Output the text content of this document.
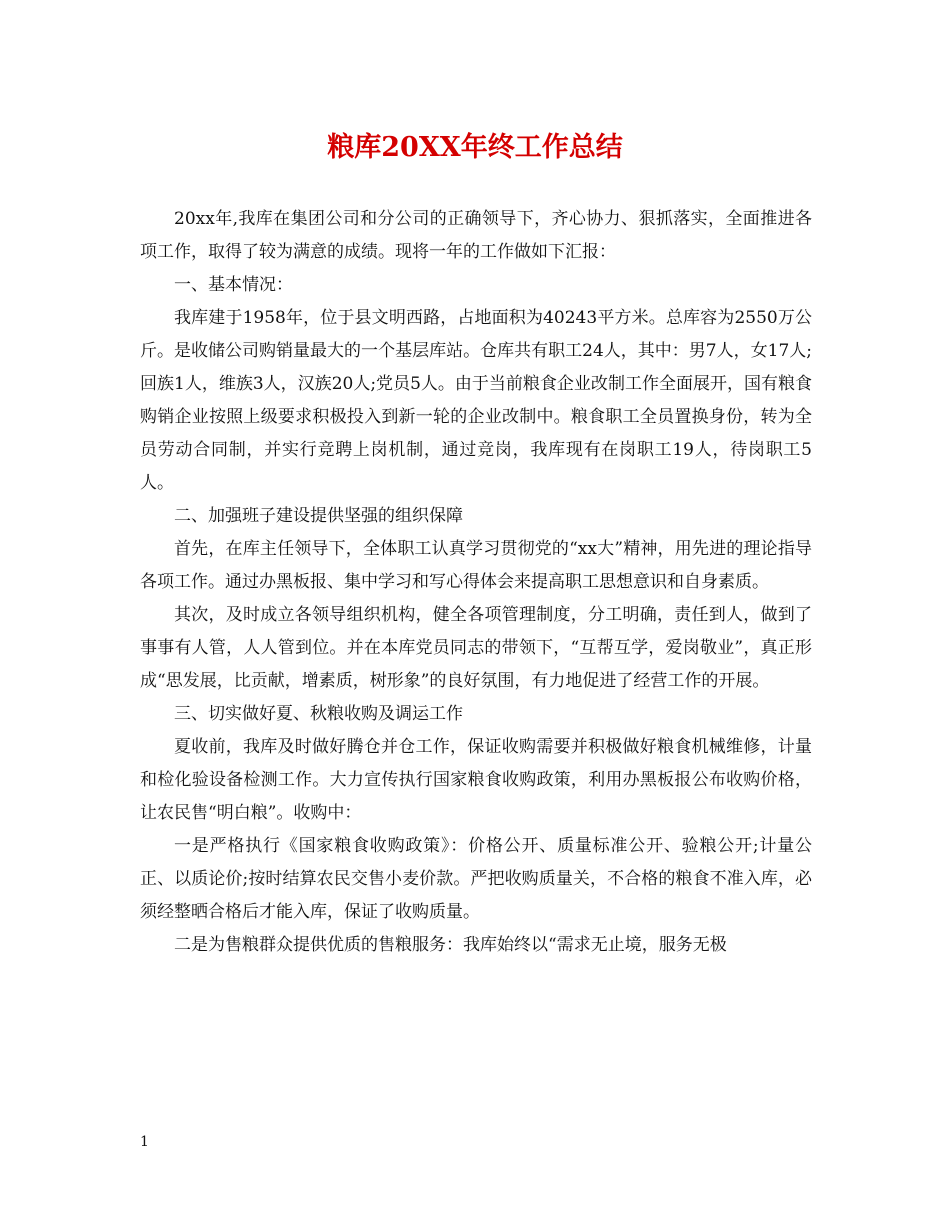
粮库20XX年终工作总结

20xx年,我库在集团公司和分公司的正确领导下，齐心协力、狠抓落实，全面推进各项工作，取得了较为满意的成绩。现将一年的工作做如下汇报：

一、基本情况：

我库建于1958年，位于县文明西路，占地面积为40243平方米。总库容为2550万公斤。是收储公司购销量最大的一个基层库站。仓库共有职工24人，其中：男7人，女17人;回族1人，维族3人，汉族20人;党员5人。由于当前粮食企业改制工作全面展开，国有粮食购销企业按照上级要求积极投入到新一轮的企业改制中。粮食职工全员置换身份，转为全员劳动合同制，并实行竞聘上岗机制，通过竞岗，我库现有在岗职工19人，待岗职工5人。

二、加强班子建设提供坚强的组织保障

首先，在库主任领导下，全体职工认真学习贯彻党的“xx大”精神，用先进的理论指导各项工作。通过办黑板报、集中学习和写心得体会来提高职工思想意识和自身素质。

其次，及时成立各领导组织机构，健全各项管理制度，分工明确，责任到人，做到了事事有人管，人人管到位。并在本库党员同志的带领下，“互帮互学，爱岗敬业”，真正形成“思发展，比贡献，增素质，树形象”的良好氛围，有力地促进了经营工作的开展。

三、切实做好夏、秋粮收购及调运工作

夏收前，我库及时做好腾仓并仓工作，保证收购需要并积极做好粮食机械维修，计量和检化验设备检测工作。大力宣传执行国家粮食收购政策，利用办黑板报公布收购价格，让农民售“明白粮”。收购中：

一是严格执行《国家粮食收购政策》：价格公开、质量标准公开、验粮公开;计量公正、以质论价;按时结算农民交售小麦价款。严把收购质量关，不合格的粮食不准入库，必须经整晒合格后才能入库，保证了收购质量。

二是为售粮群众提供优质的售粮服务：我库始终以“需求无止境，服务无极

1
